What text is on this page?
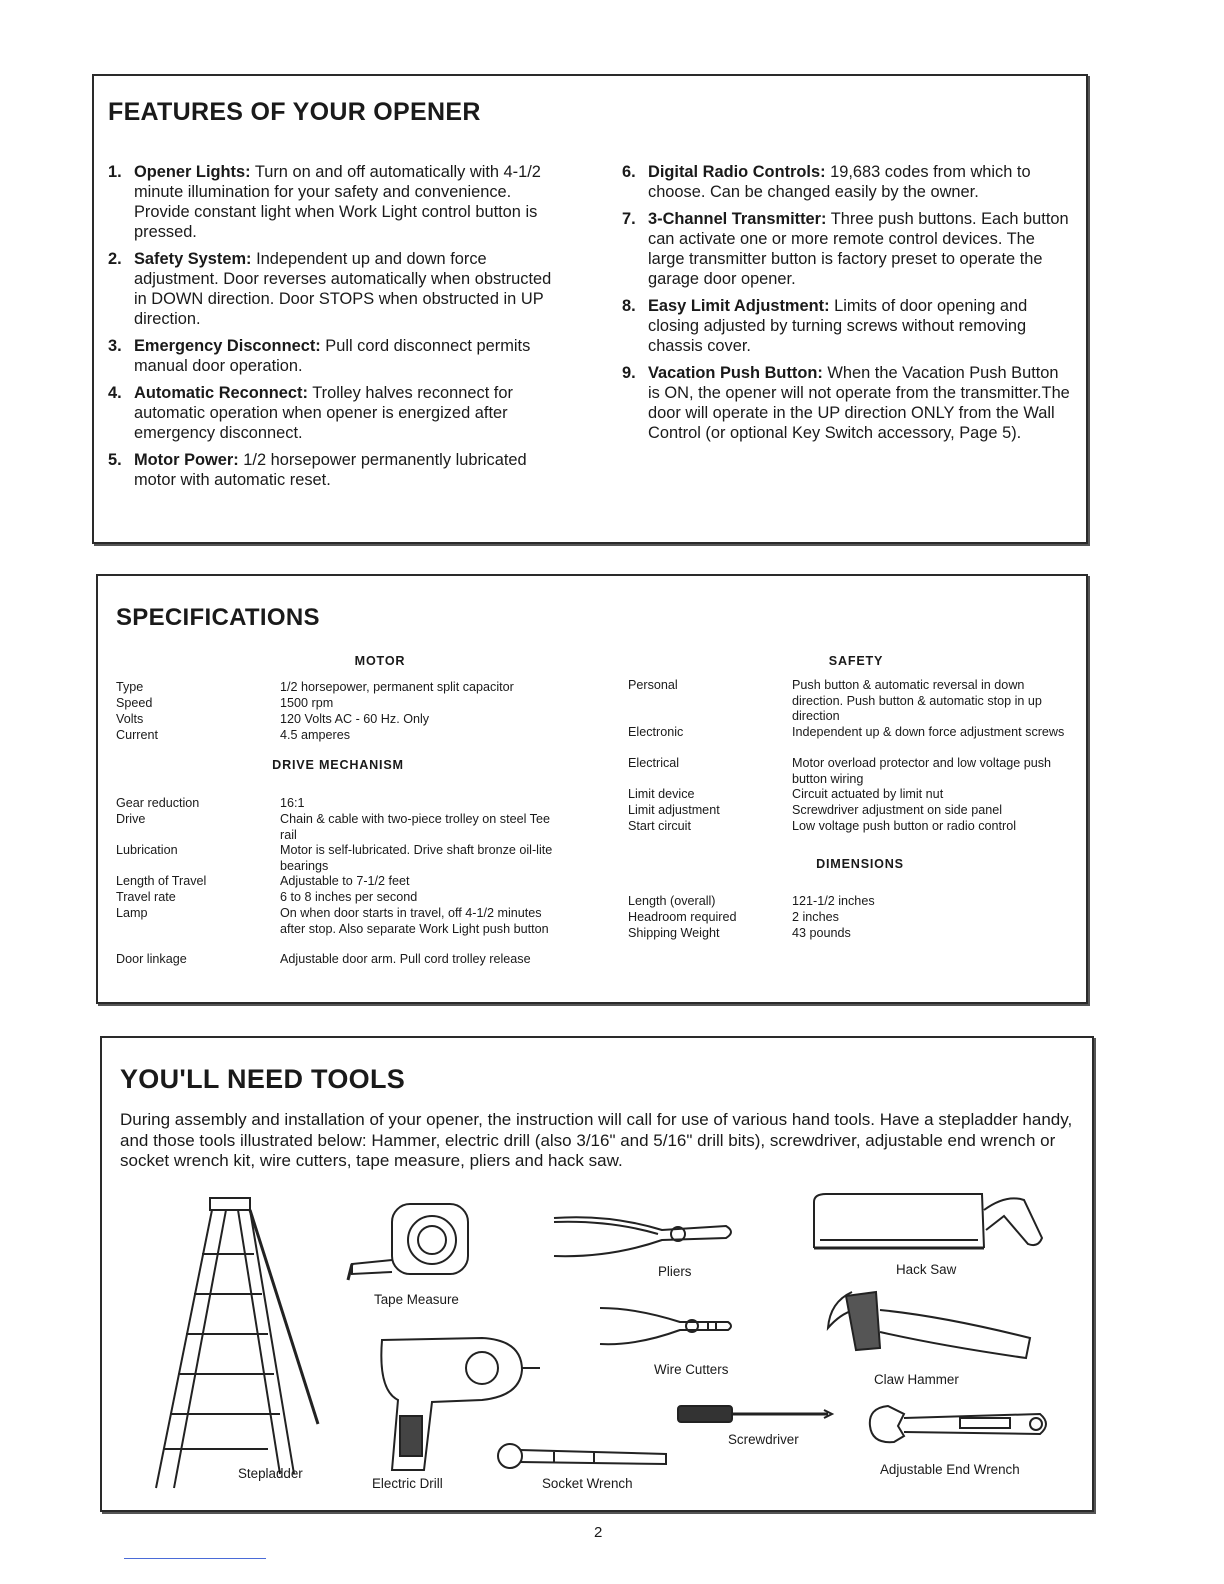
FEATURES OF YOUR OPENER
1. Opener Lights: Turn on and off automatically with 4-1/2 minute illumination for your safety and convenience. Provide constant light when Work Light control button is pressed.
2. Safety System: Independent up and down force adjustment. Door reverses automatically when obstructed in DOWN direction. Door STOPS when obstructed in UP direction.
3. Emergency Disconnect: Pull cord disconnect permits manual door operation.
4. Automatic Reconnect: Trolley halves reconnect for automatic operation when opener is energized after emergency disconnect.
5. Motor Power: 1/2 horsepower permanently lubricated motor with automatic reset.
6. Digital Radio Controls: 19,683 codes from which to choose. Can be changed easily by the owner.
7. 3-Channel Transmitter: Three push buttons. Each button can activate one or more remote control devices. The large transmitter button is factory preset to operate the garage door opener.
8. Easy Limit Adjustment: Limits of door opening and closing adjusted by turning screws without removing chassis cover.
9. Vacation Push Button: When the Vacation Push Button is ON, the opener will not operate from the transmitter.The door will operate in the UP direction ONLY from the Wall Control (or optional Key Switch accessory, Page 5).
SPECIFICATIONS
MOTOR
Type	1/2 horsepower, permanent split capacitor
Speed	1500 rpm
Volts	120 Volts AC - 60 Hz. Only
Current	4.5 amperes
DRIVE MECHANISM
Gear reduction	16:1
Drive	Chain & cable with two-piece trolley on steel Tee rail
Lubrication	Motor is self-lubricated. Drive shaft bronze oil-lite bearings
Length of Travel	Adjustable to 7-1/2 feet
Travel rate	6 to 8 inches per second
Lamp	On when door starts in travel, off 4-1/2 minutes after stop. Also separate Work Light push button
Door linkage	Adjustable door arm. Pull cord trolley release
SAFETY
Personal	Push button & automatic reversal in down direction. Push button & automatic stop in up direction
Electronic	Independent up & down force adjustment screws
Electrical	Motor overload protector and low voltage push button wiring
Limit device	Circuit actuated by limit nut
Limit adjustment	Screwdriver adjustment on side panel
Start circuit	Low voltage push button or radio control
DIMENSIONS
Length (overall)	121-1/2 inches
Headroom required	2 inches
Shipping Weight	43 pounds
YOU'LL NEED TOOLS

During assembly and installation of your opener, the instruction will call for use of various hand tools. Have a stepladder handy, and those tools illustrated below: Hammer, electric drill (also 3/16" and 5/16" drill bits), screwdriver, adjustable end wrench or socket wrench kit, wire cutters, tape measure, pliers and hack saw.

Stepladder
Tape Measure
Electric Drill
Pliers
Wire Cutters
Screwdriver
Socket Wrench
Hack Saw
Claw Hammer
Adjustable End Wrench
2
